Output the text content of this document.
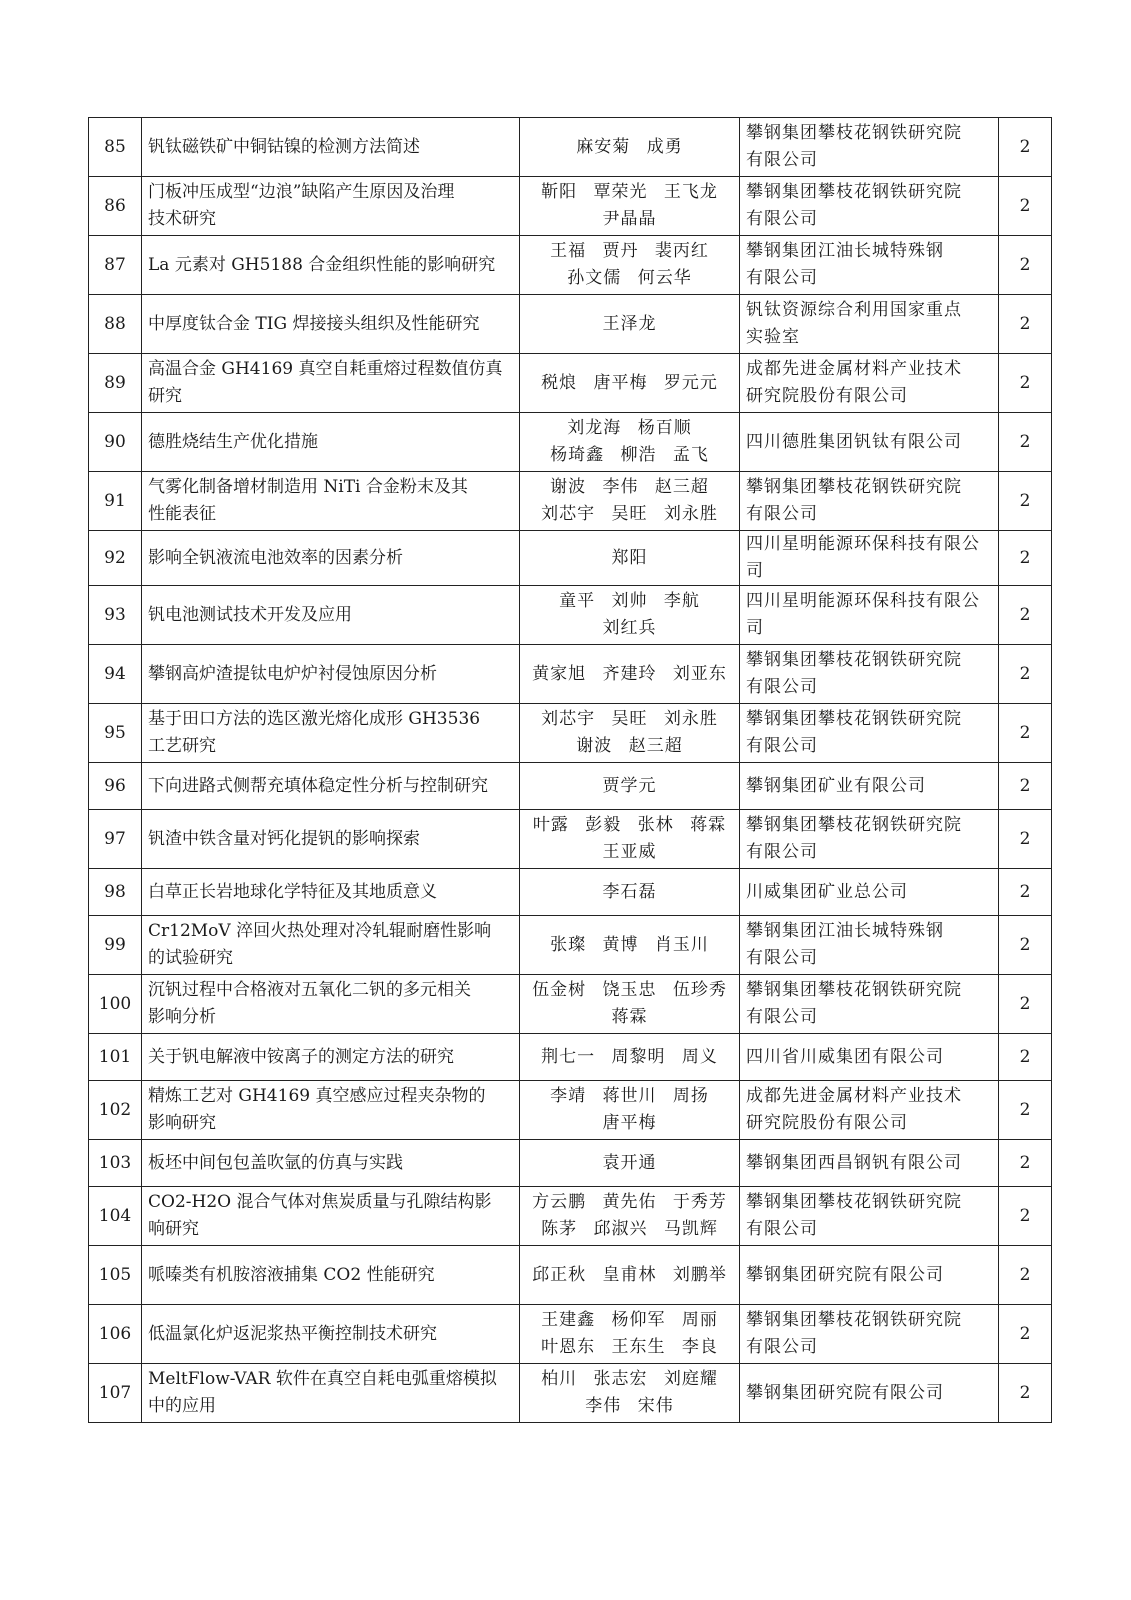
85	钒钛磁铁矿中铜钴镍的检测方法简述	麻安菊 成勇	攀钢集团攀枝花钢铁研究院
有限公司	2
86	门板冲压成型“边浪”缺陷产生原因及治理
技术研究	靳阳 覃荣光 王飞龙
尹晶晶	攀钢集团攀枝花钢铁研究院
有限公司	2
87	La 元素对 GH5188 合金组织性能的影响研究	王福 贾丹 裴丙红
孙文儒 何云华	攀钢集团江油长城特殊钢
有限公司	2
88	中厚度钛合金 TIG 焊接接头组织及性能研究	王泽龙	钒钛资源综合利用国家重点
实验室	2
89	高温合金 GH4169 真空自耗重熔过程数值仿真研究	税烺 唐平梅 罗元元	成都先进金属材料产业技术
研究院股份有限公司	2
90	德胜烧结生产优化措施	刘龙海 杨百顺
杨琦鑫 柳浩 孟飞	四川德胜集团钒钛有限公司	2
91	气雾化制备增材制造用 NiTi 合金粉末及其
性能表征	谢波 李伟 赵三超
刘芯宇 吴旺 刘永胜	攀钢集团攀枝花钢铁研究院
有限公司	2
92	影响全钒液流电池效率的因素分析	郑阳	四川星明能源环保科技有限公司	2
93	钒电池测试技术开发及应用	童平 刘帅 李航
刘红兵	四川星明能源环保科技有限公司	2
94	攀钢高炉渣提钛电炉炉衬侵蚀原因分析	黄家旭 齐建玲 刘亚东	攀钢集团攀枝花钢铁研究院
有限公司	2
95	基于田口方法的选区激光熔化成形 GH3536
工艺研究	刘芯宇 吴旺 刘永胜
谢波 赵三超	攀钢集团攀枝花钢铁研究院
有限公司	2
96	下向进路式侧帮充填体稳定性分析与控制研究	贾学元	攀钢集团矿业有限公司	2
97	钒渣中铁含量对钙化提钒的影响探索	叶露 彭毅 张林 蒋霖
王亚威	攀钢集团攀枝花钢铁研究院
有限公司	2
98	白草正长岩地球化学特征及其地质意义	李石磊	川威集团矿业总公司	2
99	Cr12MoV 淬回火热处理对冷轧辊耐磨性影响
的试验研究	张璨 黄博 肖玉川	攀钢集团江油长城特殊钢
有限公司	2
100	沉钒过程中合格液对五氧化二钒的多元相关
影响分析	伍金树 饶玉忠 伍珍秀
蒋霖	攀钢集团攀枝花钢铁研究院
有限公司	2
101	关于钒电解液中铵离子的测定方法的研究	荆七一 周黎明 周义	四川省川威集团有限公司	2
102	精炼工艺对 GH4169 真空感应过程夹杂物的
影响研究	李靖 蒋世川 周扬
唐平梅	成都先进金属材料产业技术
研究院股份有限公司	2
103	板坯中间包包盖吹氩的仿真与实践	袁开通	攀钢集团西昌钢钒有限公司	2
104	CO2-H2O 混合气体对焦炭质量与孔隙结构影
响研究	方云鹏 黄先佑 于秀芳
陈茅 邱淑兴 马凯辉	攀钢集团攀枝花钢铁研究院
有限公司	2
105	哌嗪类有机胺溶液捕集 CO2 性能研究	邱正秋 皇甫林 刘鹏举	攀钢集团研究院有限公司	2
106	低温氯化炉返泥浆热平衡控制技术研究	王建鑫 杨仰军 周丽
叶恩东 王东生 李良	攀钢集团攀枝花钢铁研究院
有限公司	2
107	MeltFlow-VAR 软件在真空自耗电弧重熔模拟
中的应用	柏川 张志宏 刘庭耀
李伟 宋伟	攀钢集团研究院有限公司	2
